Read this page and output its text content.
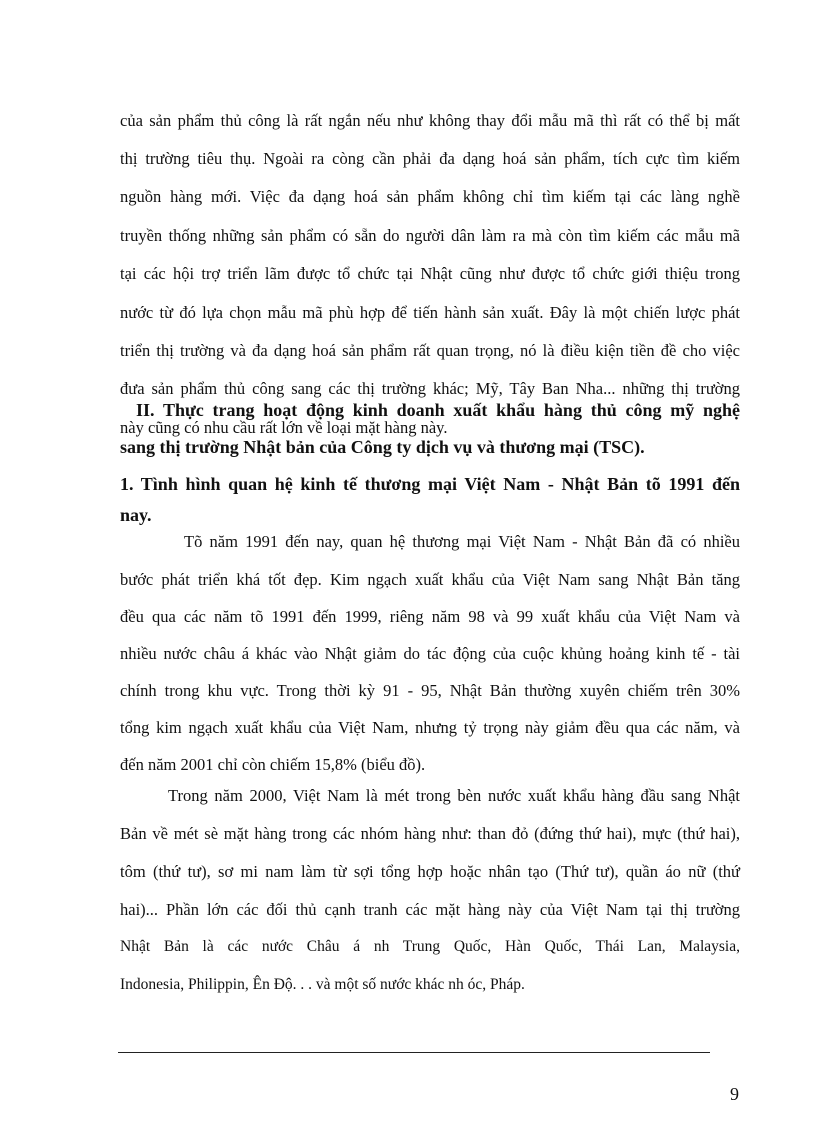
của sản phẩm thủ công là rất ngắn nếu như không thay đổi mẫu mã thì rất có thể bị mất
thị trường tiêu thụ. Ngoài ra còng cần phải đa dạng hoá sản phẩm, tích cực tìm kiếm
nguồn hàng mới. Việc đa dạng hoá sản phẩm không chỉ tìm kiếm tại các làng nghề
truyền thống những sản phẩm có sẵn do người dân làm ra mà còn tìm kiếm các mẫu mã
tại các hội trợ triển lãm được tổ chức tại Nhật cũng như được tổ chức giới thiệu trong
nước từ đó lựa chọn mẫu mã phù hợp để tiến hành sản xuất. Đây là một chiến lược phát
triển thị trường và đa dạng hoá sản phẩm rất quan trọng, nó là điều kiện tiền đề cho việc
đưa sản phẩm thủ công sang các thị trường khác; Mỹ, Tây Ban Nha... những thị trường
này cũng có nhu cầu rất lớn về loại mặt hàng này.
II. Thực trang hoạt động kinh doanh xuất khẩu hàng thủ công mỹ nghệ
sang thị trường Nhật bản của Công ty dịch vụ và thương mại (TSC).
1. Tình hình quan hệ kinh tế thương mại Việt Nam - Nhật Bản tõ 1991 đến
nay.
Tõ năm 1991 đến nay, quan hệ thương mại Việt Nam - Nhật Bản đã có nhiều
bước phát triển khá tốt đẹp. Kim ngạch xuất khẩu của Việt Nam sang Nhật Bản tăng
đều qua các năm tõ 1991 đến 1999, riêng năm 98 và 99 xuất khẩu của Việt Nam và
nhiều nước châu á khác vào Nhật giảm do tác động của cuộc khủng hoảng kinh tế - tài
chính trong khu vực. Trong thời kỳ 91 - 95, Nhật Bản thường xuyên chiếm trên 30%
tổng kim ngạch xuất khẩu của Việt Nam, nhưng tỷ trọng này giảm đều qua các năm, và
đến năm 2001 chỉ còn chiếm 15,8% (biểu đồ).
Trong năm 2000, Việt Nam là mét trong bèn nước xuất khẩu hàng đầu sang Nhật
Bản về mét sè mặt hàng trong các nhóm hàng như: than đỏ (đứng thứ hai), mực (thứ hai),
tôm (thứ tư), sơ mi nam làm từ sợi tổng hợp hoặc nhân tạo (Thứ tư), quần áo nữ (thứ
hai)... Phần lớn các đối thủ cạnh tranh các mặt hàng này của Việt Nam tại thị trường
Nhật Bản là các nước Châu á nh Trung Quốc, Hàn Quốc, Thái Lan, Malaysia,
Indonesia, Philippin, Ên Độ. . . và một số nước khác nh óc, Pháp.
9
